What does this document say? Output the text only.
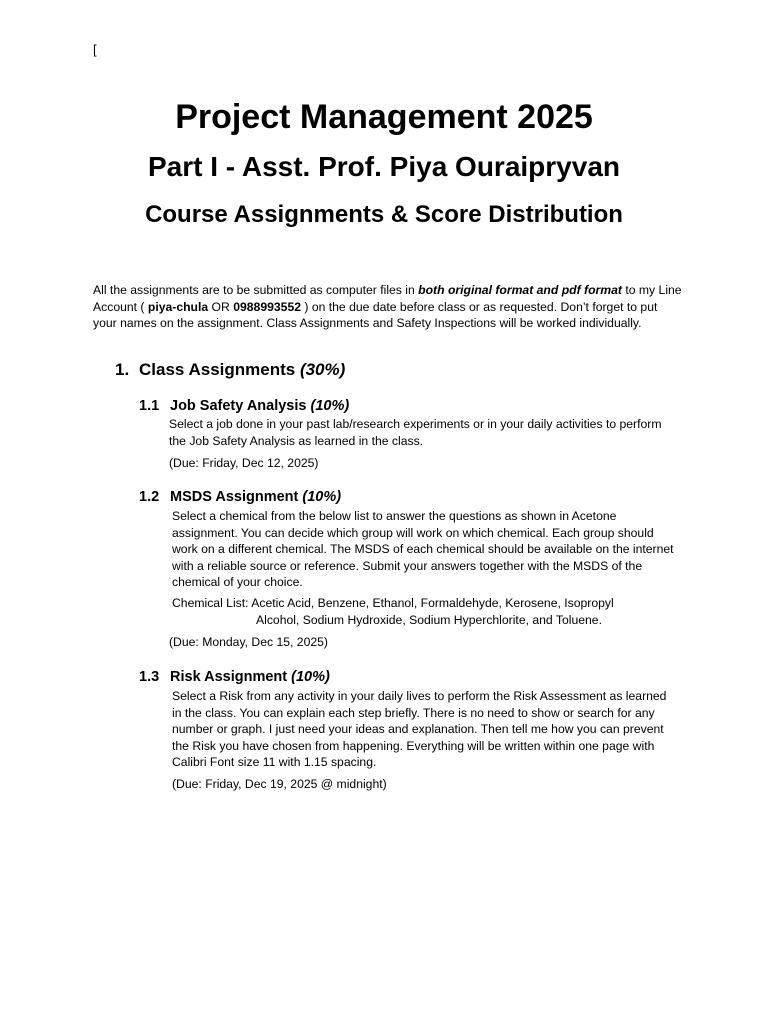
[
Project Management 2025
Part I - Asst. Prof. Piya Ouraipryvan
Course Assignments & Score Distribution

All the assignments are to be submitted as computer files in both original format and pdf format to my Line Account ( piya-chula OR 0988993552 ) on the due date before class or as requested. Don’t forget to put your names on the assignment. Class Assignments and Safety Inspections will be worked individually.

1. Class Assignments (30%)
1.1 Job Safety Analysis (10%)

Select a job done in your past lab/research experiments or in your daily activities to perform the Job Safety Analysis as learned in the class.

(Due: Friday, Dec 12, 2025)

1.2 MSDS Assignment (10%)

Select a chemical from the below list to answer the questions as shown in Acetone assignment. You can decide which group will work on which chemical. Each group should work on a different chemical. The MSDS of each chemical should be available on the internet with a reliable source or reference. Submit your answers together with the MSDS of the chemical of your choice.

Chemical List: Acetic Acid, Benzene, Ethanol, Formaldehyde, Kerosene, Isopropyl
Alcohol, Sodium Hydroxide, Sodium Hyperchlorite, and Toluene.

(Due: Monday, Dec 15, 2025)

1.3 Risk Assignment (10%)

Select a Risk from any activity in your daily lives to perform the Risk Assessment as learned in the class. You can explain each step briefly. There is no need to show or search for any number or graph. I just need your ideas and explanation. Then tell me how you can prevent the Risk you have chosen from happening. Everything will be written within one page with Calibri Font size 11 with 1.15 spacing.

(Due: Friday, Dec 19, 2025 @ midnight)
